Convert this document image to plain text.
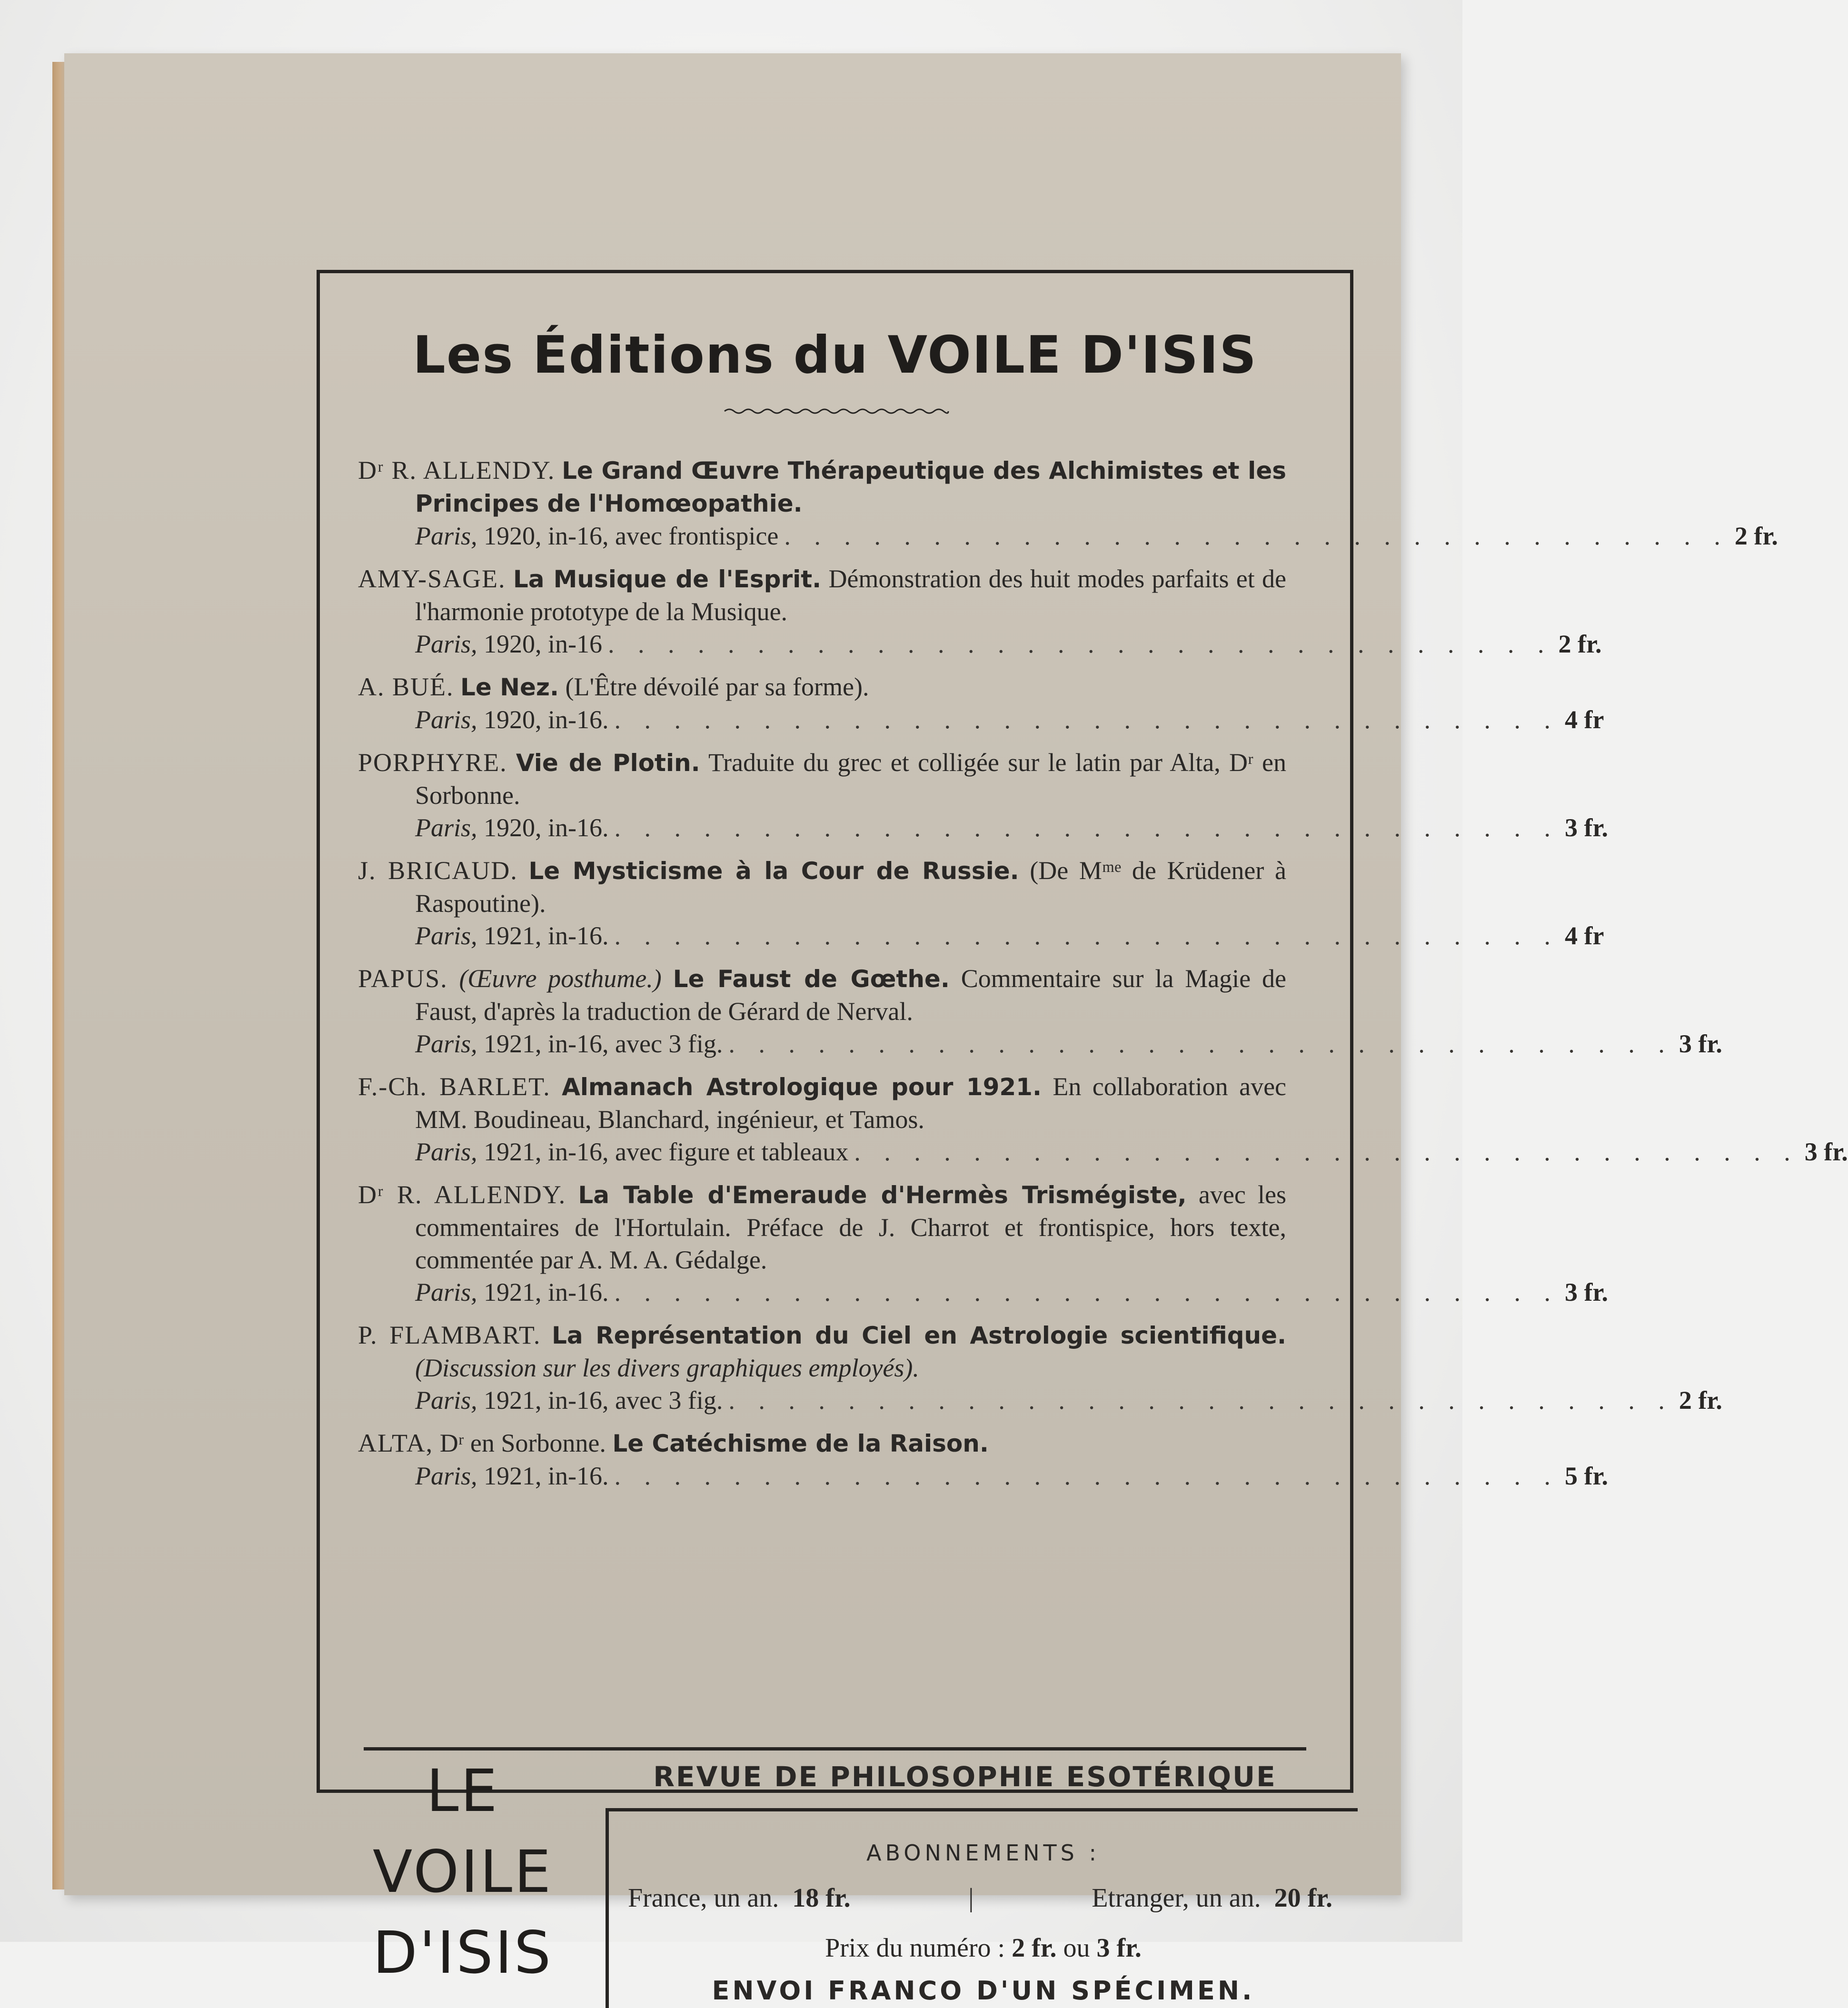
Les Éditions du VOILE D'ISIS
Dʳ R. ALLENDY. Le Grand Œuvre Thérapeutique des Alchimistes et les Principes de l'Homœopathie.
Paris, 1920, in-16, avec frontispice . . . . . . . . . . . . . . . . . . . . . . . . . . . . . . . . 2 fr.
AMY-SAGE. La Musique de l'Esprit. Démonstration des huit modes parfaits et de l'harmonie prototype de la Musique.
Paris, 1920, in-16 . . . . . . . . . . . . . . . . . . . . . . . . . . . . . . . . 2 fr.
A. BUÉ. Le Nez. (L'Être dévoilé par sa forme).
Paris, 1920, in-16. . . . . . . . . . . . . . . . . . . . . . . . . . . . . . . . . 4 fr
PORPHYRE. Vie de Plotin. Traduite du grec et colligée sur le latin par Alta, Dʳ en Sorbonne.
Paris, 1920, in-16. . . . . . . . . . . . . . . . . . . . . . . . . . . . . . . . . 3 fr.
J. BRICAUD. Le Mysticisme à la Cour de Russie. (De Mᵐᵉ de Krüdener à Raspoutine).
Paris, 1921, in-16. . . . . . . . . . . . . . . . . . . . . . . . . . . . . . . . . 4 fr
PAPUS. (Œuvre posthume.) Le Faust de Gœthe. Commentaire sur la Magie de Faust, d'après la traduction de Gérard de Nerval.
Paris, 1921, in-16, avec 3 fig. . . . . . . . . . . . . . . . . . . . . . . . . . . . . . . . . 3 fr.
F.-Ch. BARLET. Almanach Astrologique pour 1921. En collaboration avec MM. Boudineau, Blanchard, ingénieur, et Tamos.
Paris, 1921, in-16, avec figure et tableaux . . . . . . . . . . . . . . . . . . . . . . . . . . . . . . . . 3 fr.
Dʳ R. ALLENDY. La Table d'Emeraude d'Hermès Trismégiste, avec les commentaires de l'Hortulain. Préface de J. Charrot et frontispice, hors texte, commentée par A. M. A. Gédalge.
Paris, 1921, in-16. . . . . . . . . . . . . . . . . . . . . . . . . . . . . . . . . 3 fr.
P. FLAMBART. La Représentation du Ciel en Astrologie scientifique. (Discussion sur les divers graphiques employés).
Paris, 1921, in-16, avec 3 fig. . . . . . . . . . . . . . . . . . . . . . . . . . . . . . . . . 2 fr.
ALTA, Dʳ en Sorbonne. Le Catéchisme de la Raison.
Paris, 1921, in-16. . . . . . . . . . . . . . . . . . . . . . . . . . . . . . . . . 5 fr.
LE
VOILE
D'ISIS
REVUE DE PHILOSOPHIE ESOTÉRIQUE
ABONNEMENTS :
France, un an. 18 fr.	|	Etranger, un an. 20 fr.
Prix du numéro : 2 fr. ou 3 fr.
ENVOI FRANCO D'UN SPÉCIMEN.
